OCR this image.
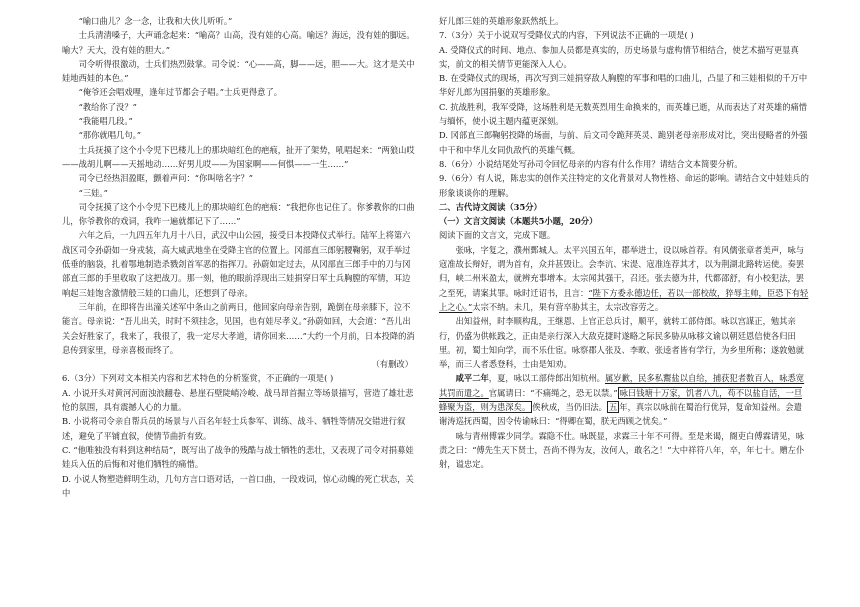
“喻口曲儿？念一念，让我和大伙儿听听。”

士兵清清嗓子，大声诵念起来：“喻高？山高，没有娃的心高。喻远？海远，没有娃的脚远。喻大？天大，没有娃的胆大。”

司令听得很激动，士兵们热烈鼓掌。司令说：“心——高，脚——远，胆——大。这才是关中娃地西娃的本色。”

“俺爷还会唱戏哩，逢年过节都会子唱。”士兵更得意了。

“教给你了没？”

“我能唱几段。”

“那你就唱几句。”

士兵抚摸了这个小令児下巴楼儿上的那块暗红色的疤痕，扯开了架势，吼唱起来：“两狼山哎——战胡儿啊——天摇地动……好男儿哎——为国家啊——何惧——一生……”

司令已经热泪盈眶，颤着声问：“你叫啥名字？”

“三娃。”

司令抚摸了这个小令児下巴楼儿上的那块暗红色的疤痕：“我把你也记住了。你爹教你的口曲儿，你爷教你的戏词，我咋一遍就都记下了……”

六年之后，一九四五年九月十八日，武汉中山公园，接受日本投降仪式举行。陆军上将第六战区司令孙蔚如一身戎装，高大威武地坐在受降主官的位置上。冈部直三郎躬腰鞠躬，双手举过低垂的脑袋，扎着鄂地制造杀戮刽首军恶的指挥刀。孙蔚如定过去，从冈部直三郎手中的刀与冈部直三郎的手里收取了这把战刀。那一刻，他的眼前浮现出三娃捐穿日军士兵胸膛的军情，耳边响起三娃饱含激情般三娃的口曲儿，还想到了母亲。

三年前，在即将告出潼关述军中条山之前两日，他回家向母亲告别，跪倒在母亲膝下，泣不能言。母亲说：“吾儿出关，时时不须挂念，见国，也有娃尽孝义。”孙蔚如回，大会道：“吾儿出关会好胜家了，我来了，我很了，我一定尽大孝道，请你回来……”大约一个月前，日本投降的消息传到家里，母亲喜极而终了。

（有删改）

6.（3分）下列对文本相关内容和艺术特色的分析鉴赏，不正确的一项是( )

A. 小说开头对黄河河面浊浪翻卷、悬崖石壁陡峭冷峻、战马昂首掘立等场景描写，营造了雄壮悲怆的氛围，具有震撼人心的力量。

B. 小说将司令亲自帮兵员的场景与八百名年轻士兵参军、训练、战斗、牺牲等情况交错进行叙述，避免了平铺直叙，使情节曲折有致。

C. “他唯独没有料到这种结局”，既写出了战争的残酷与战士牺牲的悲壮，又表现了司令对捐募娃娃兵入伍的后悔和对他们牺牲的痛惜。

D. 小说人物塑造鲜明生动，几句方言口语对话，一首口曲，一段戏词，惊心动魄的死亡状态，关中

好儿郎三娃的英雄形象跃然纸上。

7.（3分）关于小说双写受降仪式的内容，下列说法不正确的一项是( )

A. 受降仪式的时间、地点、参加人员都是真实的，历史场景与虚构情节相结合，使艺术描写更显真实，前文的相关情节更能深入人心。

B. 在受降仪式的现场，再次写到三娃捐穿敌人胸膛的军事和唱的口曲儿，凸显了和三娃相似的千万中华好儿郎为国捐躯的英雄形象。

C. 抗战胜利，我军受降，这场胜利是无数英烈用生命换来的，而英雄已逝，从而表达了对英雄的痛惜与缅怀，使小说主题内蕴更深刻。

D. 冈部直三郎鞠躬投降的场面，与前、后文司令跪拜英灵、跪别老母亲形成对比，突出侵略者的外强中干和中华儿女同仇敌忾的英雄气概。

8.（6分）小说结尾处写孙司令回忆母亲的内容有什么作用？请结合文本简要分析。

9.（6分）有人说，陈忠实的创作关注特定的文化背景对人物性格、命运的影响。请结合文中娃娃兵的形象谈谈你的理解。

二、古代诗文阅读（35分）

（一）文言文阅读（本题共5小题，20分）

阅读下面的文言文，完成下题。

张咏，字复之，濮州鄄城人。太平兴国五年，郡举进士，设以咏首荐。有风儒张章者美声，咏与寇准故长辩好，谓为首有，众并甚毁让。会李沆、宋湜、寇准连荐其才，以为荆湖北路转运使。奏罢归，峡二州米盈太，就辨充事增本。太宗闻其强干，召还。张去德为井，代都邵舒，有小校犯法，罢之至死，请案其罪。咏时迁诏书，且言：“陛下方委永德边任，若以一部校故，猝辱主帅，臣恐下有轻上之心。”太宗不纳。未几，果有营卒胁其主，太宗改容劳之。

出知益州，时李顺构乱，王继恩、上官正总兵讨，顺平，就转工部侍郎。咏以宫謀正，勉其亲行，仍盛为供帐践之，正由是亲行深入大敌克捷时遂略之际民多胁从咏移文谕以朝廷恩信使各归田里。初，蜀士知向学，而不乐仕宦。咏察郡人张及、李畋、张逵者皆有学行，为乡里所称；遂敦勉就举，而三人者悉登科，士由是知劝。

咸平二年，夏，咏以工部侍郎出知杭州。属岁歉，民多私鬻盐以自给，捕获犯者数百人，咏悉宽其罚而遣之。官属请曰：“不痛绳之，恐无以禁。” 咏曰钱塘十万家，饥者八九，苟不以盐自活，一旦蜂聚为盗，则为患深矣。 俟秋成，当仍旧法。 五 年，真宗以咏前在蜀治行优异，复命知益州。会遣谢涛巡抚西蜀，因令传谕咏曰：“得卿在蜀，朕无西顾之忧矣。”

咏与青州傅霖少同学。霖隐不仕。咏既显，求霖三十年不可得。至是来谒，阍吏白傅霖请见，咏责之曰：“傅先生天下贤士，吾尚不得为友，汝何人，敢名之！”大中祥符八年，卒，年七十。赠左仆射，谥忠定。
